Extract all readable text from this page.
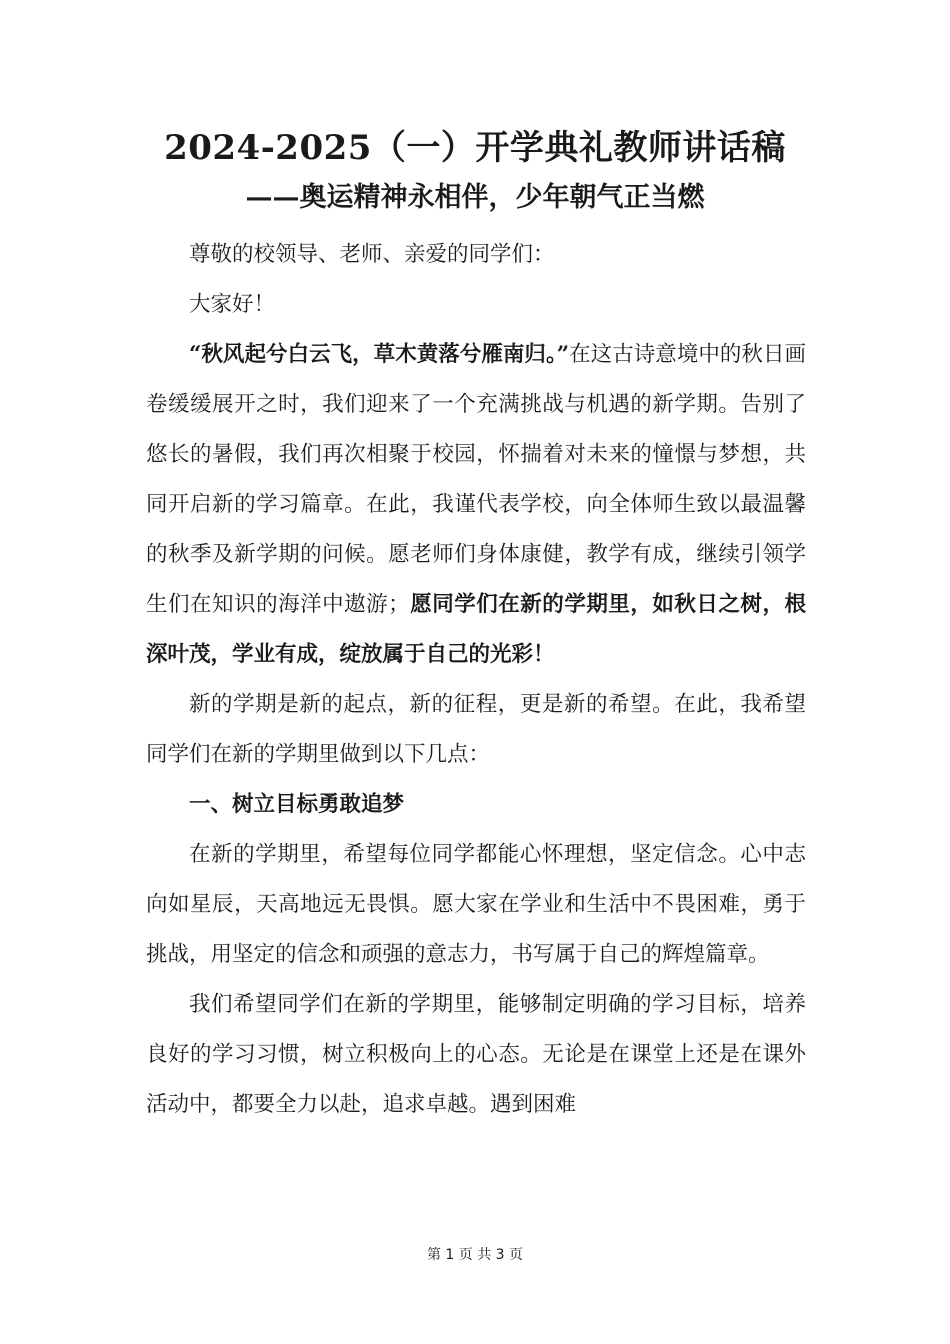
2024-2025（一）开学典礼教师讲话稿
——奥运精神永相伴，少年朝气正当燃

尊敬的校领导、老师、亲爱的同学们：

大家好！

“秋风起兮白云飞，草木黄落兮雁南归。”在这古诗意境中的秋日画卷缓缓展开之时，我们迎来了一个充满挑战与机遇的新学期。告别了悠长的暑假，我们再次相聚于校园，怀揣着对未来的憧憬与梦想，共同开启新的学习篇章。在此，我谨代表学校，向全体师生致以最温馨的秋季及新学期的问候。愿老师们身体康健，教学有成，继续引领学生们在知识的海洋中遨游；愿同学们在新的学期里，如秋日之树，根深叶茂，学业有成，绽放属于自己的光彩！

新的学期是新的起点，新的征程，更是新的希望。在此，我希望同学们在新的学期里做到以下几点：

一、树立目标勇敢追梦

在新的学期里，希望每位同学都能心怀理想，坚定信念。心中志向如星辰，天高地远无畏惧。愿大家在学业和生活中不畏困难，勇于挑战，用坚定的信念和顽强的意志力，书写属于自己的辉煌篇章。

我们希望同学们在新的学期里，能够制定明确的学习目标，培养良好的学习习惯，树立积极向上的心态。无论是在课堂上还是在课外活动中，都要全力以赴，追求卓越。遇到困难

第 1 页 共 3 页
